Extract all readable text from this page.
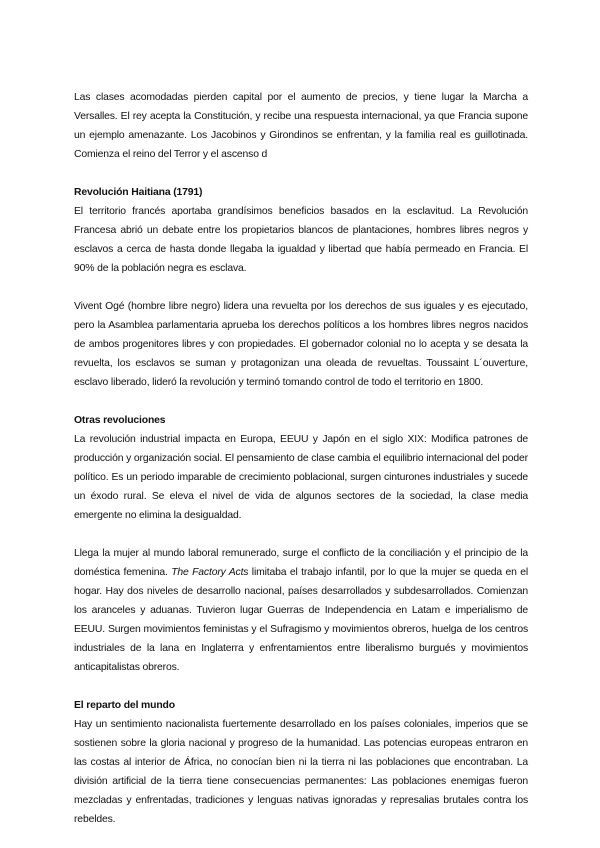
Las clases acomodadas pierden capital por el aumento de precios, y tiene lugar la Marcha a Versalles. El rey acepta la Constitución, y recibe una respuesta internacional, ya que Francia supone un ejemplo amenazante. Los Jacobinos y Girondinos se enfrentan, y la familia real es guillotinada. Comienza el reino del Terror y el ascenso d

Revolución Haitiana (1791)

El territorio francés aportaba grandísimos beneficios basados en la esclavitud. La Revolución Francesa abrió un debate entre los propietarios blancos de plantaciones, hombres libres negros y esclavos a cerca de hasta donde llegaba la igualdad y libertad que había permeado en Francia. El 90% de la población negra es esclava.

Vivent Ogé (hombre libre negro) lidera una revuelta por los derechos de sus iguales y es ejecutado, pero la Asamblea parlamentaria aprueba los derechos políticos a los hombres libres negros nacidos de ambos progenitores libres y con propiedades. El gobernador colonial no lo acepta y se desata la revuelta, los esclavos se suman y protagonizan una oleada de revueltas. Toussaint L´ouverture, esclavo liberado, lideró la revolución y terminó tomando control de todo el territorio en 1800.

Otras revoluciones

La revolución industrial impacta en Europa, EEUU y Japón en el siglo XIX: Modifica patrones de producción y organización social. El pensamiento de clase cambia el equilibrio internacional del poder político. Es un periodo imparable de crecimiento poblacional, surgen cinturones industriales y sucede un éxodo rural. Se eleva el nivel de vida de algunos sectores de la sociedad, la clase media emergente no elimina la desigualdad.

Llega la mujer al mundo laboral remunerado, surge el conflicto de la conciliación y el principio de la doméstica femenina. The Factory Acts limitaba el trabajo infantil, por lo que la mujer se queda en el hogar. Hay dos niveles de desarrollo nacional, países desarrollados y subdesarrollados. Comienzan los aranceles y aduanas. Tuvieron lugar Guerras de Independencia en Latam e imperialismo de EEUU. Surgen movimientos feministas y el Sufragismo y movimientos obreros, huelga de los centros industriales de la lana en Inglaterra y enfrentamientos entre liberalismo burgués y movimientos anticapitalistas obreros.

El reparto del mundo

Hay un sentimiento nacionalista fuertemente desarrollado en los países coloniales, imperios que se sostienen sobre la gloria nacional y progreso de la humanidad. Las potencias europeas entraron en las costas al interior de África, no conocían bien ni la tierra ni las poblaciones que encontraban. La división artificial de la tierra tiene consecuencias permanentes: Las poblaciones enemigas fueron mezcladas y enfrentadas, tradiciones y lenguas nativas ignoradas y represalias brutales contra los rebeldes.
